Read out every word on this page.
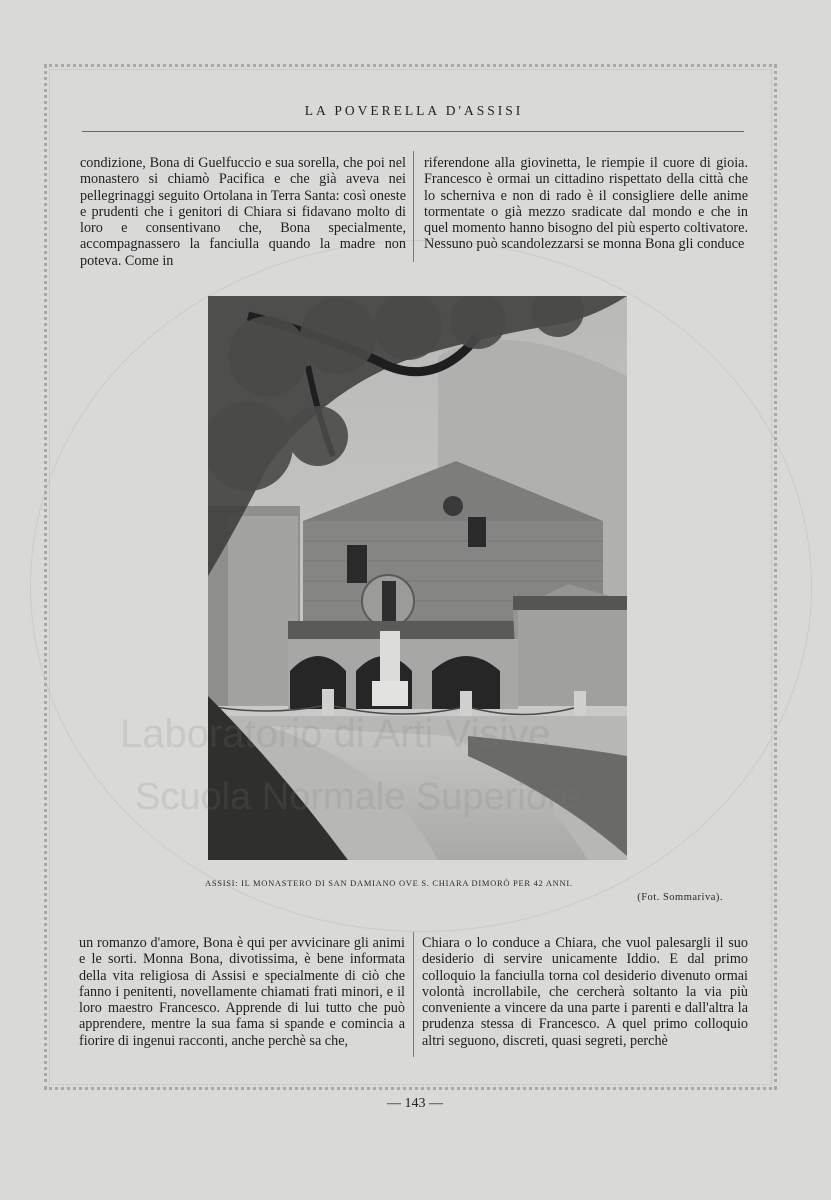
LA POVERELLA D'ASSISI

condizione, Bona di Guelfuccio e sua sorella, che poi nel monastero si chiamò Pacifica e che già aveva nei pellegrinaggi seguito Ortolana in Terra Santa: così oneste e prudenti che i genitori di Chiara si fidavano molto di loro e consentivano che, Bona specialmente, accompagnassero la fanciulla quando la madre non poteva. Come in

riferendone alla giovinetta, le riempie il cuore di gioia. Francesco è ormai un cittadino rispettato della città che lo scherniva e non di rado è il consigliere delle anime tormentate o già mezzo sradicate dal mondo e che in quel momento hanno bisogno del più esperto coltivatore. Nessuno può scandolezzarsi se monna Bona gli conduce

ASSISI: IL MONASTERO DI SAN DAMIANO OVE S. CHIARA DIMORÒ PER 42 ANNI.
(Fot. Sommariva).

un romanzo d'amore, Bona è qui per avvicinare gli animi e le sorti. Monna Bona, divotissima, è bene informata della vita religiosa di Assisi e specialmente di ciò che fanno i penitenti, novellamente chiamati frati minori, e il loro maestro Francesco. Apprende di lui tutto che può apprendere, mentre la sua fama si spande e comincia a fiorire di ingenui racconti, anche perchè sa che,

Chiara o lo conduce a Chiara, che vuol palesargli il suo desiderio di servire unicamente Iddio. E dal primo colloquio la fanciulla torna col desiderio divenuto ormai volontà incrollabile, che cercherà soltanto la via più conveniente a vincere da una parte i parenti e dall'altra la prudenza stessa di Francesco. A quel primo colloquio altri seguono, discreti, quasi segreti, perchè

— 143 —
Laboratorio di Arti Visive
Scuola Normale Superiore
